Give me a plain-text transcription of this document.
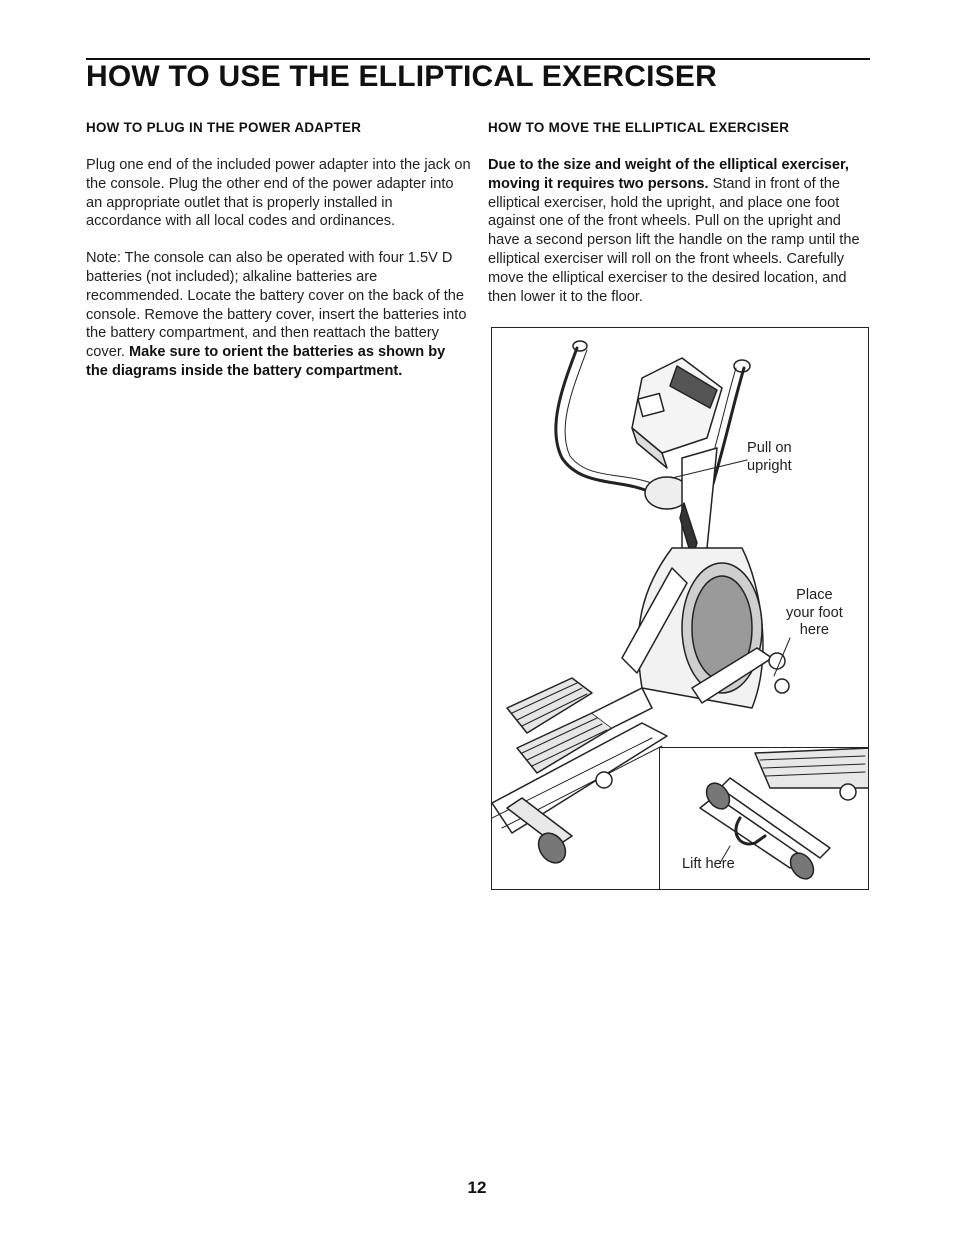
HOW TO USE THE ELLIPTICAL EXERCISER
HOW TO PLUG IN THE POWER ADAPTER

Plug one end of the included power adapter into the jack on the console. Plug the other end of the power adapter into an appropriate outlet that is properly installed in accordance with all local codes and ordinances.

Note: The console can also be operated with four 1.5V D batteries (not included); alkaline batteries are recommended. Locate the battery cover on the back of the console. Remove the battery cover, insert the batteries into the battery compartment, and then reattach the battery cover. Make sure to orient the batteries as shown by the diagrams inside the battery compartment.

HOW TO MOVE THE ELLIPTICAL EXERCISER

Due to the size and weight of the elliptical exerciser, moving it requires two persons. Stand in front of the elliptical exerciser, hold the upright, and place one foot against one of the front wheels. Pull on the upright and have a second person lift the handle on the ramp until the elliptical exerciser will roll on the front wheels. Carefully move the elliptical exerciser to the desired location, and then lower it to the floor.

Pull on
upright
Place
your foot
here
Lift here
12
